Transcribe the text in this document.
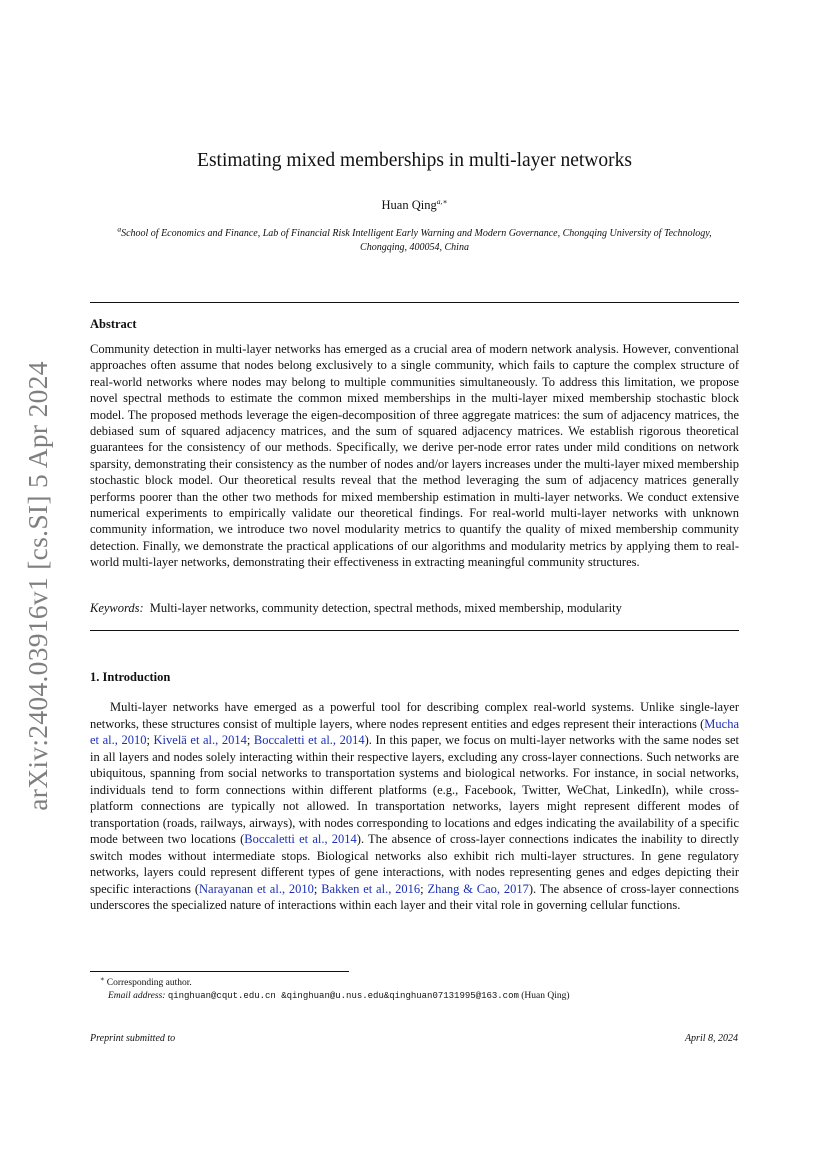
arXiv:2404.03916v1 [cs.SI] 5 Apr 2024
Estimating mixed memberships in multi-layer networks
Huan Qing$^{a,∗}$
$^a$School of Economics and Finance, Lab of Financial Risk Intelligent Early Warning and Modern Governance, Chongqing University of Technology, Chongqing, 400054, China
Abstract
Community detection in multi-layer networks has emerged as a crucial area of modern network analysis. However, conventional approaches often assume that nodes belong exclusively to a single community, which fails to capture the complex structure of real-world networks where nodes may belong to multiple communities simultaneously. To address this limitation, we propose novel spectral methods to estimate the common mixed memberships in the multi-layer mixed membership stochastic block model. The proposed methods leverage the eigen-decomposition of three aggregate matrices: the sum of adjacency matrices, the debiased sum of squared adjacency matrices, and the sum of squared adjacency matrices. We establish rigorous theoretical guarantees for the consistency of our methods. Specifically, we derive per-node error rates under mild conditions on network sparsity, demonstrating their consistency as the number of nodes and/or layers increases under the multi-layer mixed membership stochastic block model. Our theoretical results reveal that the method leveraging the sum of adjacency matrices generally performs poorer than the other two methods for mixed membership estimation in multi-layer networks. We conduct extensive numerical experiments to empirically validate our theoretical findings. For real-world multi-layer networks with unknown community information, we introduce two novel modularity metrics to quantify the quality of mixed membership community detection. Finally, we demonstrate the practical applications of our algorithms and modularity metrics by applying them to real-world multi-layer networks, demonstrating their effectiveness in extracting meaningful community structures.
Keywords: Multi-layer networks, community detection, spectral methods, mixed membership, modularity
1. Introduction
Multi-layer networks have emerged as a powerful tool for describing complex real-world systems. Unlike single-layer networks, these structures consist of multiple layers, where nodes represent entities and edges represent their interactions (Mucha et al., 2010; Kivelä et al., 2014; Boccaletti et al., 2014). In this paper, we focus on multi-layer networks with the same nodes set in all layers and nodes solely interacting within their respective layers, excluding any cross-layer connections. Such networks are ubiquitous, spanning from social networks to transportation systems and biological networks. For instance, in social networks, individuals tend to form connections within different platforms (e.g., Facebook, Twitter, WeChat, LinkedIn), while cross-platform connections are typically not allowed. In transportation networks, layers might represent different modes of transportation (roads, railways, airways), with nodes corresponding to locations and edges indicating the availability of a specific mode between two locations (Boccaletti et al., 2014). The absence of cross-layer connections indicates the inability to directly switch modes without intermediate stops. Biological networks also exhibit rich multi-layer structures. In gene regulatory networks, layers could represent different types of gene interactions, with nodes representing genes and edges depicting their specific interactions (Narayanan et al., 2010; Bakken et al., 2016; Zhang & Cao, 2017). The absence of cross-layer connections underscores the specialized nature of interactions within each layer and their vital role in governing cellular functions.
∗ Corresponding author.
Email address: qinghuan@cqut.edu.cn &qinghuan@u.nus.edu&qinghuan07131995@163.com (Huan Qing)
Preprint submitted to	April 8, 2024
